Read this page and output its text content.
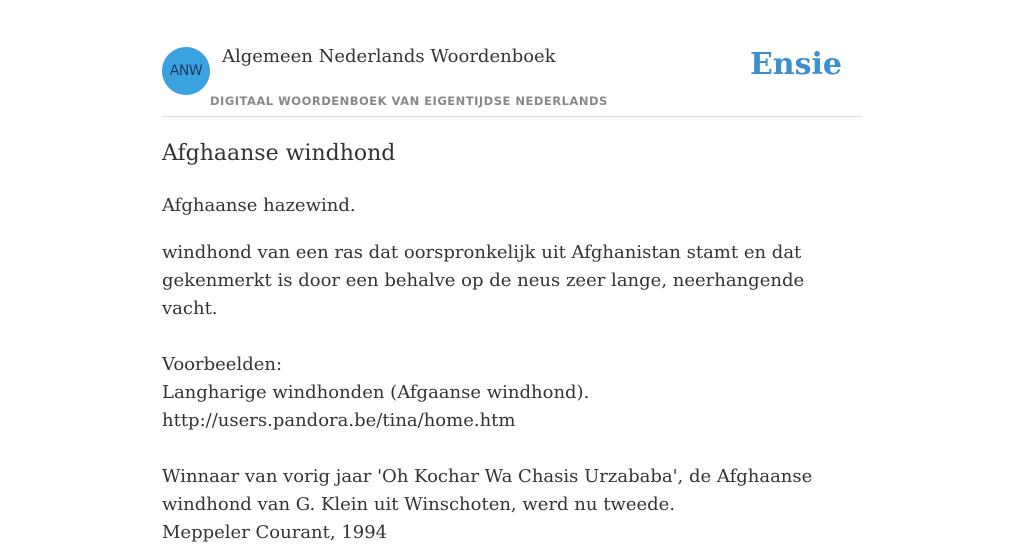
ANW
Algemeen Nederlands Woordenboek
DIGITAAL WOORDENBOEK VAN EIGENTIJDSE NEDERLANDS
Ensie
Afghaanse windhond

Afghaanse hazewind.

windhond van een ras dat oorspronkelijk uit Afghanistan stamt en dat gekenmerkt is door een behalve op de neus zeer lange, neerhangende vacht.

Voorbeelden:

Langharige windhonden (Afgaanse windhond).

http://users.pandora.be/tina/home.htm

Winnaar van vorig jaar 'Oh Kochar Wa Chasis Urzababa', de Afghaanse windhond van G. Klein uit Winschoten, werd nu tweede.

Meppeler Courant, 1994
